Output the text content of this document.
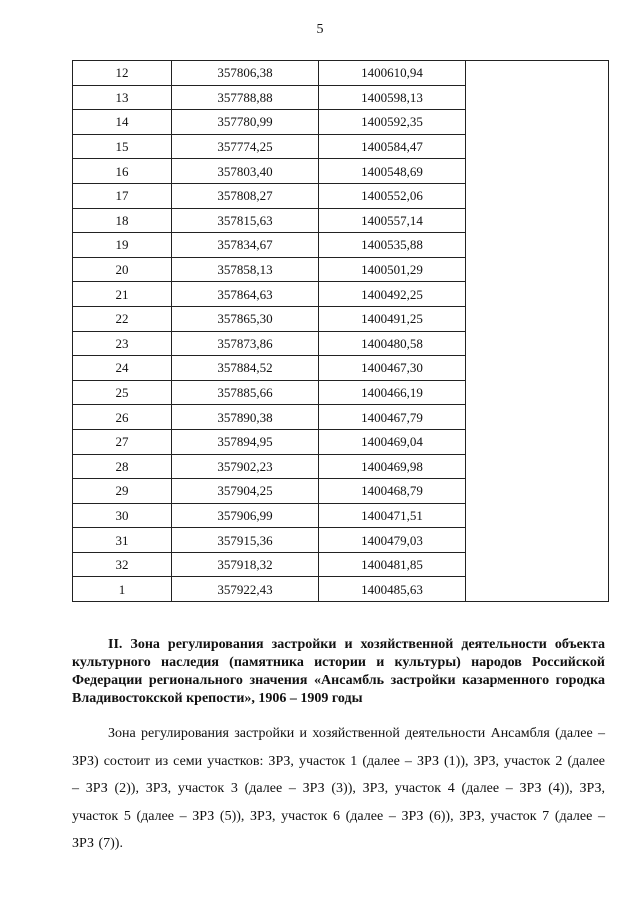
5
12	357806,38	1400610,94	
13	357788,88	1400598,13	
14	357780,99	1400592,35	
15	357774,25	1400584,47	
16	357803,40	1400548,69	
17	357808,27	1400552,06	
18	357815,63	1400557,14	
19	357834,67	1400535,88	
20	357858,13	1400501,29	
21	357864,63	1400492,25	
22	357865,30	1400491,25	
23	357873,86	1400480,58	
24	357884,52	1400467,30	
25	357885,66	1400466,19	
26	357890,38	1400467,79	
27	357894,95	1400469,04	
28	357902,23	1400469,98	
29	357904,25	1400468,79	
30	357906,99	1400471,51	
31	357915,36	1400479,03	
32	357918,32	1400481,85	
1	357922,43	1400485,63	

II. Зона регулирования застройки и хозяйственной деятельности объекта культурного наследия (памятника истории и культуры) народов Российской Федерации регионального значения «Ансамбль застройки казарменного городка Владивостокской крепости», 1906 – 1909 годы

Зона регулирования застройки и хозяйственной деятельности Ансамбля (далее – ЗРЗ) состоит из семи участков: ЗРЗ, участок 1 (далее – ЗРЗ (1)), ЗРЗ, участок 2 (далее – ЗРЗ (2)), ЗРЗ, участок 3 (далее – ЗРЗ (3)), ЗРЗ, участок 4 (далее – ЗРЗ (4)), ЗРЗ, участок 5 (далее – ЗРЗ (5)), ЗРЗ, участок 6 (далее – ЗРЗ (6)), ЗРЗ, участок 7 (далее – ЗРЗ (7)).
